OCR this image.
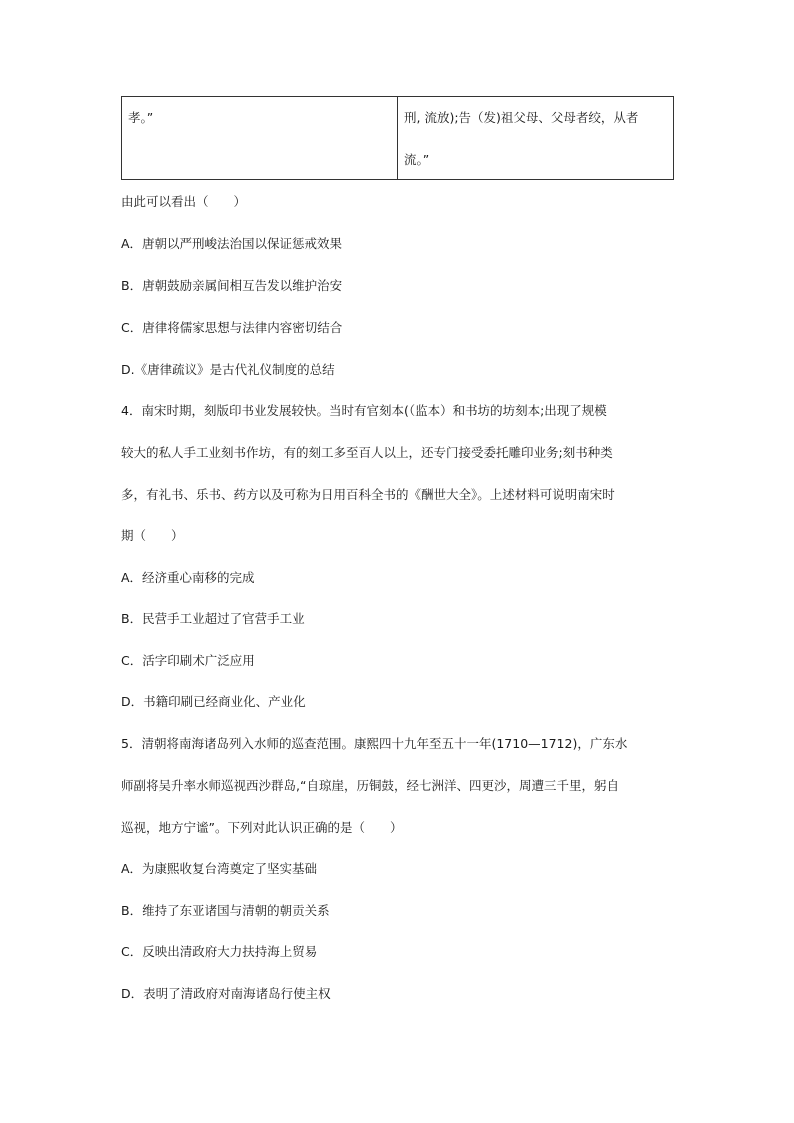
孝。”	刑, 流放);告（发)祖父母、父母者绞，从者
流。”
由此可以看出（　　）
A．唐朝以严刑峻法治国以保证惩戒效果
B．唐朝鼓励亲属间相互告发以维护治安
C．唐律将儒家思想与法律内容密切结合
D.《唐律疏议》是古代礼仪制度的总结
4．南宋时期，刻版印书业发展较快。当时有官刻本(（监本）和书坊的坊刻本;出现了规模
较大的私人手工业刻书作坊，有的刻工多至百人以上，还专门接受委托雕印业务;刻书种类
多，有礼书、乐书、药方以及可称为日用百科全书的《酬世大全》。上述材料可说明南宋时
期（　　）
A．经济重心南移的完成
B．民营手工业超过了官营手工业
C．活字印刷术广泛应用
D．书籍印刷已经商业化、产业化
5．清朝将南海诸岛列入水师的巡查范围。康熙四十九年至五十一年(1710—1712)，广东水
师副将吴升率水师巡视西沙群岛,“自琼崖，历铜鼓，经七洲洋、四更沙，周遭三千里，躬自
巡视，地方宁谧”。下列对此认识正确的是（　　）
A．为康熙收复台湾奠定了坚实基础
B．维持了东亚诸国与清朝的朝贡关系
C．反映出清政府大力扶持海上贸易
D．表明了清政府对南海诸岛行使主权
